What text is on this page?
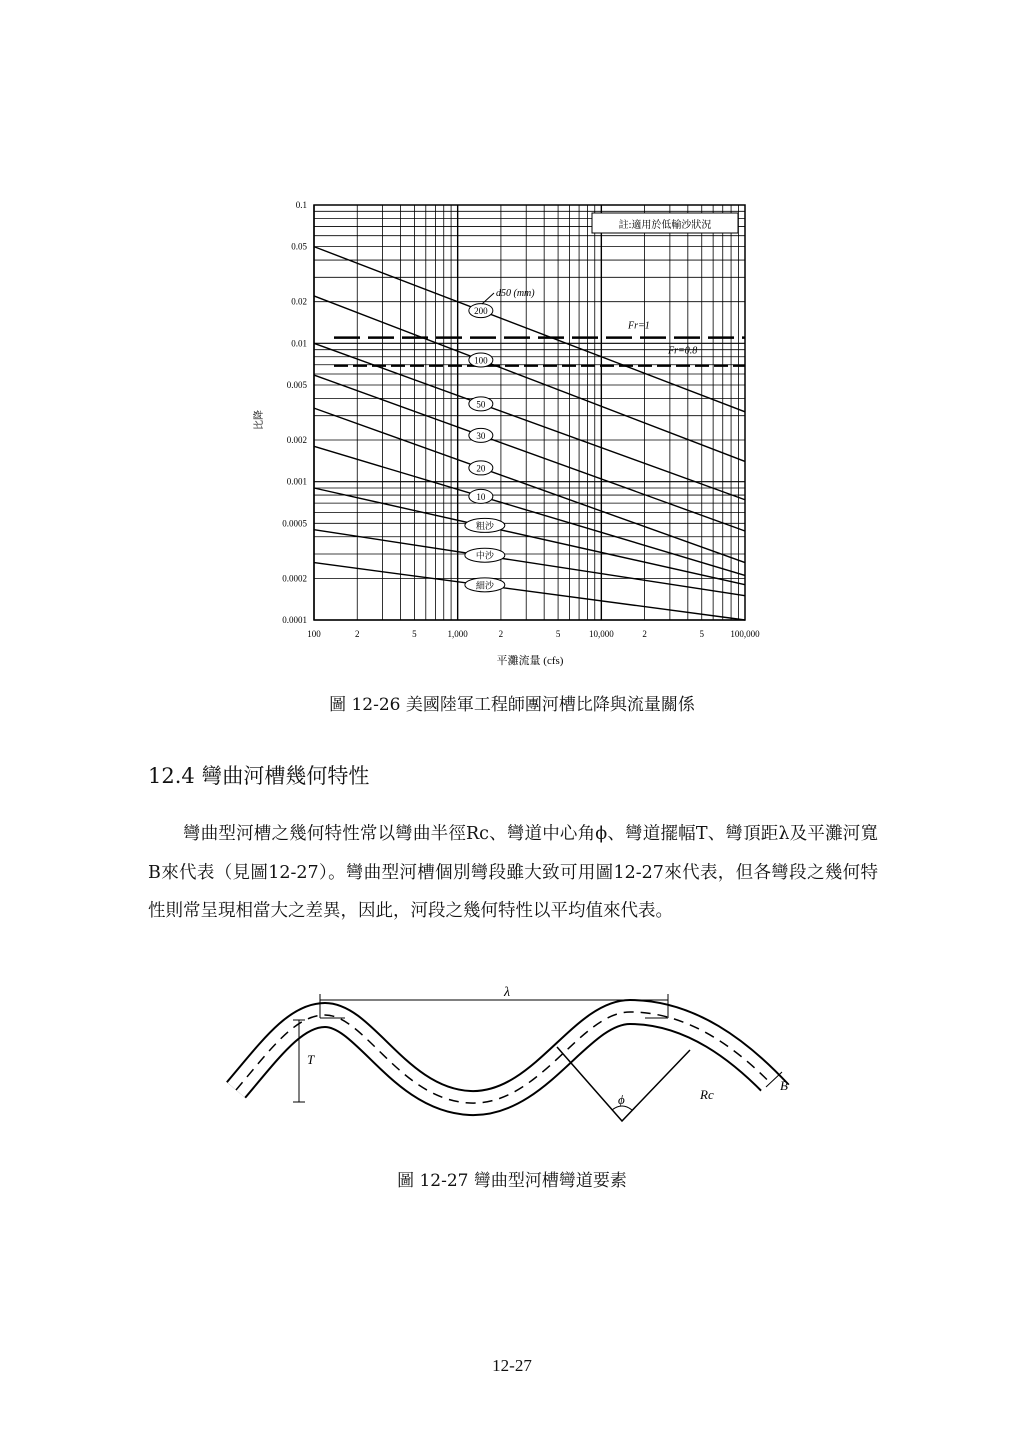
Fr=1
Fr=0.8
200
100
50
30
20
10
粗沙
中沙
細沙
100	2	5	1,000	2	5	10,000	2	5	100,000
0.1
0.05
0.02
0.01
0.005
0.002
0.001
0.0005
0.0002
0.0001
註:適用於低輸沙狀況
d50 (mm)
平灘流量 (cfs)
比降
圖 12-26 美國陸軍工程師團河槽比降與流量關係
12.4 彎曲河槽幾何特性

彎曲型河槽之幾何特性常以彎曲半徑Rc、彎道中心角ϕ、彎道擺幅T、彎頂距λ及平灘河寬B來代表（見圖12-27）。彎曲型河槽個別彎段雖大致可用圖12-27來代表，但各彎段之幾何特性則常呈現相當大之差異，因此，河段之幾何特性以平均值來代表。

λ
T
ϕ	Rc
B
圖 12-27 彎曲型河槽彎道要素
12-27
